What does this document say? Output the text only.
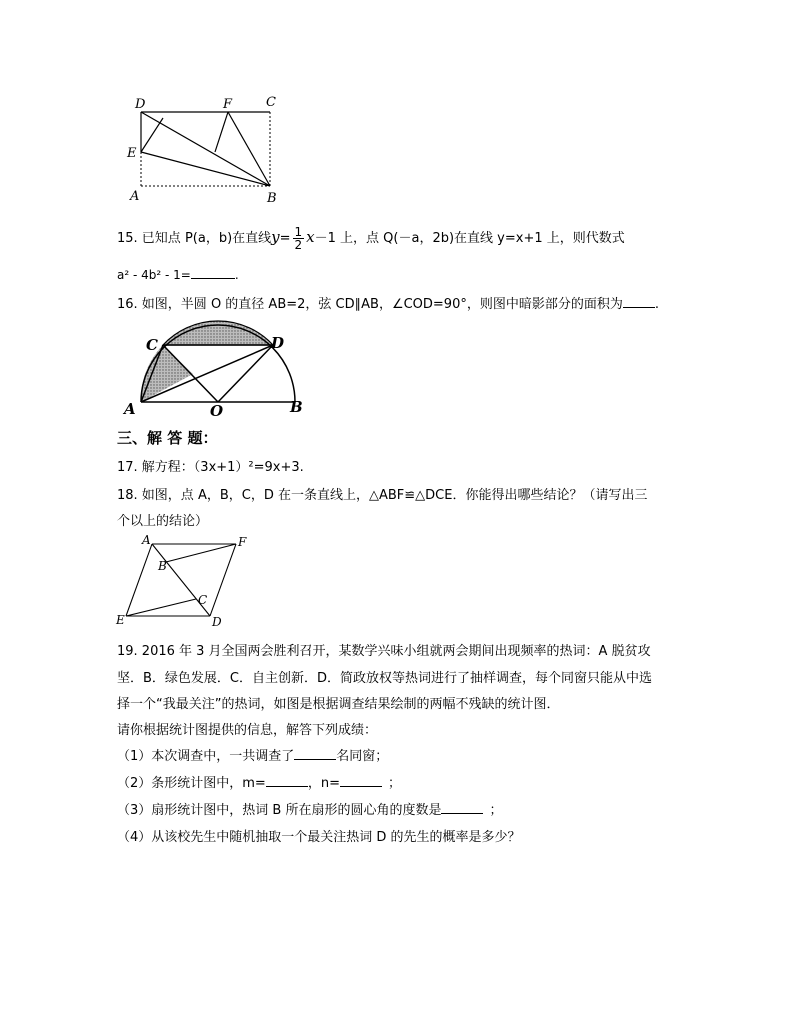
D	F	C
E
A	B
15. 已知点 P(a，b)在直线$y= \frac{1}{2} x-1$ 上，点 Q(－a，2b)在直线 y=x+1 上，则代数式
a² - 4b² - 1=	.
16. 如图，半圆 O 的直径 AB=2，弦 CD∥AB，∠COD=90°，则图中暗影部分的面积为 .
C	D
A	O	B
三、解 答 题：
17. 解方程：（3x+1）²=9x+3.
18. 如图，点 A，B，C，D 在一条直线上，△ABF≌△DCE．你能得出哪些结论？（请写出三
个以上的结论）
A	F
B
C
E	D
19. 2016 年 3 月全国两会胜利召开，某数学兴味小组就两会期间出现频率的热词：A 脱贫攻
坚．B．绿色发展．C．自主创新．D．简政放权等热词进行了抽样调查，每个同窗只能从中选
择一个“我最关注”的热词，如图是根据调查结果绘制的两幅不残缺的统计图．
请你根据统计图提供的信息，解答下列成绩：
（1）本次调查中，一共调查了	名同窗；
（2）条形统计图中，m=	，n=	；
（3）扇形统计图中，热词 B 所在扇形的圆心角的度数是	；
（4）从该校先生中随机抽取一个最关注热词 D 的先生的概率是多少？
